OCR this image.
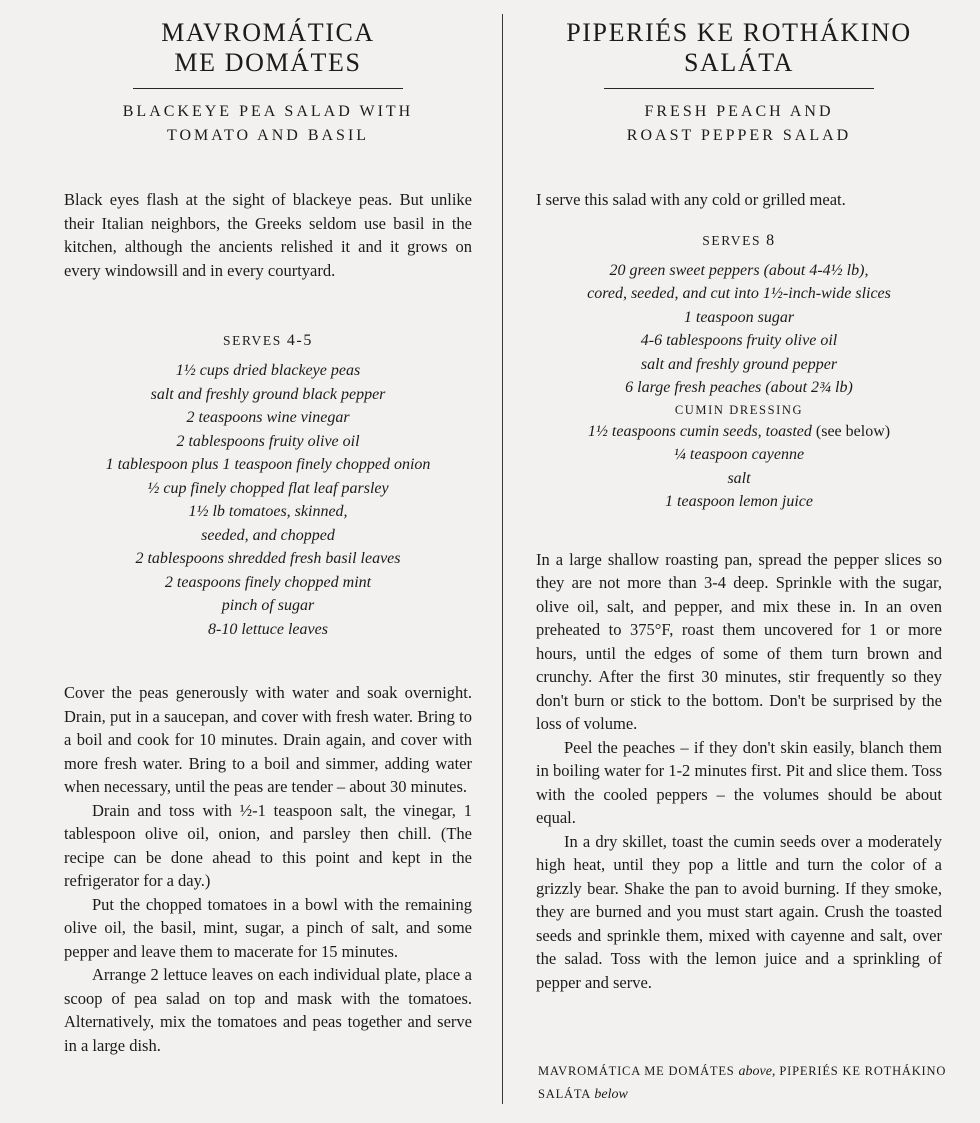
MAVROMÁTICA
ME DOMÁTES
BLACKEYE PEA SALAD WITH
TOMATO AND BASIL

Black eyes flash at the sight of blackeye peas. But unlike their Italian neighbors, the Greeks seldom use basil in the kitchen, although the ancients relished it and it grows on every windowsill and in every courtyard.

SERVES 4-5
1½ cups dried blackeye peas
salt and freshly ground black pepper
2 teaspoons wine vinegar
2 tablespoons fruity olive oil
1 tablespoon plus 1 teaspoon finely chopped onion
½ cup finely chopped flat leaf parsley
1½ lb tomatoes, skinned,
seeded, and chopped
2 tablespoons shredded fresh basil leaves
2 teaspoons finely chopped mint
pinch of sugar
8-10 lettuce leaves

Cover the peas generously with water and soak overnight. Drain, put in a saucepan, and cover with fresh water. Bring to a boil and cook for 10 minutes. Drain again, and cover with more fresh water. Bring to a boil and simmer, adding water when necessary, until the peas are tender – about 30 minutes.

Drain and toss with ½-1 teaspoon salt, the vinegar, 1 tablespoon olive oil, onion, and parsley then chill. (The recipe can be done ahead to this point and kept in the refrigerator for a day.)

Put the chopped tomatoes in a bowl with the remaining olive oil, the basil, mint, sugar, a pinch of salt, and some pepper and leave them to macerate for 15 minutes.

Arrange 2 lettuce leaves on each individual plate, place a scoop of pea salad on top and mask with the tomatoes. Alternatively, mix the tomatoes and peas together and serve in a large dish.

PIPERIÉS KE ROTHÁKINO
SALÁTA
FRESH PEACH AND
ROAST PEPPER SALAD

I serve this salad with any cold or grilled meat.

SERVES 8
20 green sweet peppers (about 4-4½ lb),
cored, seeded, and cut into 1½-inch-wide slices
1 teaspoon sugar
4-6 tablespoons fruity olive oil
salt and freshly ground pepper
6 large fresh peaches (about 2¾ lb)
CUMIN DRESSING
1½ teaspoons cumin seeds, toasted (see below)
¼ teaspoon cayenne
salt
1 teaspoon lemon juice

In a large shallow roasting pan, spread the pepper slices so they are not more than 3-4 deep. Sprinkle with the sugar, olive oil, salt, and pepper, and mix these in. In an oven preheated to 375°F, roast them uncovered for 1 or more hours, until the edges of some of them turn brown and crunchy. After the first 30 minutes, stir frequently so they don't burn or stick to the bottom. Don't be surprised by the loss of volume.

Peel the peaches – if they don't skin easily, blanch them in boiling water for 1-2 minutes first. Pit and slice them. Toss with the cooled peppers – the volumes should be about equal.

In a dry skillet, toast the cumin seeds over a moderately high heat, until they pop a little and turn the color of a grizzly bear. Shake the pan to avoid burning. If they smoke, they are burned and you must start again. Crush the toasted seeds and sprinkle them, mixed with cayenne and salt, over the salad. Toss with the lemon juice and a sprinkling of pepper and serve.

MAVROMÁTICA ME DOMÁTES above, PIPERIÉS KE ROTHÁKINO SALÁTA below
